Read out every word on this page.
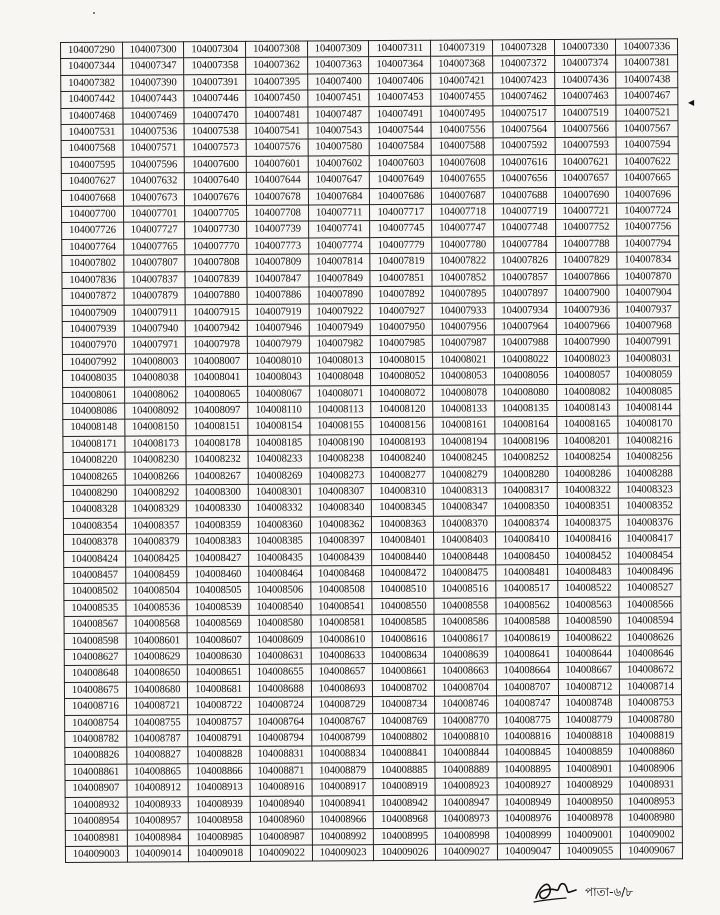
104007290	104007300	104007304	104007308	104007309	104007311	104007319	104007328	104007330	104007336
104007344	104007347	104007358	104007362	104007363	104007364	104007368	104007372	104007374	104007381
104007382	104007390	104007391	104007395	104007400	104007406	104007421	104007423	104007436	104007438
104007442	104007443	104007446	104007450	104007451	104007453	104007455	104007462	104007463	104007467
104007468	104007469	104007470	104007481	104007487	104007491	104007495	104007517	104007519	104007521
104007531	104007536	104007538	104007541	104007543	104007544	104007556	104007564	104007566	104007567
104007568	104007571	104007573	104007576	104007580	104007584	104007588	104007592	104007593	104007594
104007595	104007596	104007600	104007601	104007602	104007603	104007608	104007616	104007621	104007622
104007627	104007632	104007640	104007644	104007647	104007649	104007655	104007656	104007657	104007665
104007668	104007673	104007676	104007678	104007684	104007686	104007687	104007688	104007690	104007696
104007700	104007701	104007705	104007708	104007711	104007717	104007718	104007719	104007721	104007724
104007726	104007727	104007730	104007739	104007741	104007745	104007747	104007748	104007752	104007756
104007764	104007765	104007770	104007773	104007774	104007779	104007780	104007784	104007788	104007794
104007802	104007807	104007808	104007809	104007814	104007819	104007822	104007826	104007829	104007834
104007836	104007837	104007839	104007847	104007849	104007851	104007852	104007857	104007866	104007870
104007872	104007879	104007880	104007886	104007890	104007892	104007895	104007897	104007900	104007904
104007909	104007911	104007915	104007919	104007922	104007927	104007933	104007934	104007936	104007937
104007939	104007940	104007942	104007946	104007949	104007950	104007956	104007964	104007966	104007968
104007970	104007971	104007978	104007979	104007982	104007985	104007987	104007988	104007990	104007991
104007992	104008003	104008007	104008010	104008013	104008015	104008021	104008022	104008023	104008031
104008035	104008038	104008041	104008043	104008048	104008052	104008053	104008056	104008057	104008059
104008061	104008062	104008065	104008067	104008071	104008072	104008078	104008080	104008082	104008085
104008086	104008092	104008097	104008110	104008113	104008120	104008133	104008135	104008143	104008144
104008148	104008150	104008151	104008154	104008155	104008156	104008161	104008164	104008165	104008170
104008171	104008173	104008178	104008185	104008190	104008193	104008194	104008196	104008201	104008216
104008220	104008230	104008232	104008233	104008238	104008240	104008245	104008252	104008254	104008256
104008265	104008266	104008267	104008269	104008273	104008277	104008279	104008280	104008286	104008288
104008290	104008292	104008300	104008301	104008307	104008310	104008313	104008317	104008322	104008323
104008328	104008329	104008330	104008332	104008340	104008345	104008347	104008350	104008351	104008352
104008354	104008357	104008359	104008360	104008362	104008363	104008370	104008374	104008375	104008376
104008378	104008379	104008383	104008385	104008397	104008401	104008403	104008410	104008416	104008417
104008424	104008425	104008427	104008435	104008439	104008440	104008448	104008450	104008452	104008454
104008457	104008459	104008460	104008464	104008468	104008472	104008475	104008481	104008483	104008496
104008502	104008504	104008505	104008506	104008508	104008510	104008516	104008517	104008522	104008527
104008535	104008536	104008539	104008540	104008541	104008550	104008558	104008562	104008563	104008566
104008567	104008568	104008569	104008580	104008581	104008585	104008586	104008588	104008590	104008594
104008598	104008601	104008607	104008609	104008610	104008616	104008617	104008619	104008622	104008626
104008627	104008629	104008630	104008631	104008633	104008634	104008639	104008641	104008644	104008646
104008648	104008650	104008651	104008655	104008657	104008661	104008663	104008664	104008667	104008672
104008675	104008680	104008681	104008688	104008693	104008702	104008704	104008707	104008712	104008714
104008716	104008721	104008722	104008724	104008729	104008734	104008746	104008747	104008748	104008753
104008754	104008755	104008757	104008764	104008767	104008769	104008770	104008775	104008779	104008780
104008782	104008787	104008791	104008794	104008799	104008802	104008810	104008816	104008818	104008819
104008826	104008827	104008828	104008831	104008834	104008841	104008844	104008845	104008859	104008860
104008861	104008865	104008866	104008871	104008879	104008885	104008889	104008895	104008901	104008906
104008907	104008912	104008913	104008916	104008917	104008919	104008923	104008927	104008929	104008931
104008932	104008933	104008939	104008940	104008941	104008942	104008947	104008949	104008950	104008953
104008954	104008957	104008958	104008960	104008966	104008968	104008973	104008976	104008978	104008980
104008981	104008984	104008985	104008987	104008992	104008995	104008998	104008999	104009001	104009002
104009003	104009014	104009018	104009022	104009023	104009026	104009027	104009047	104009055	104009067
◀
পাতা-৬/৮
